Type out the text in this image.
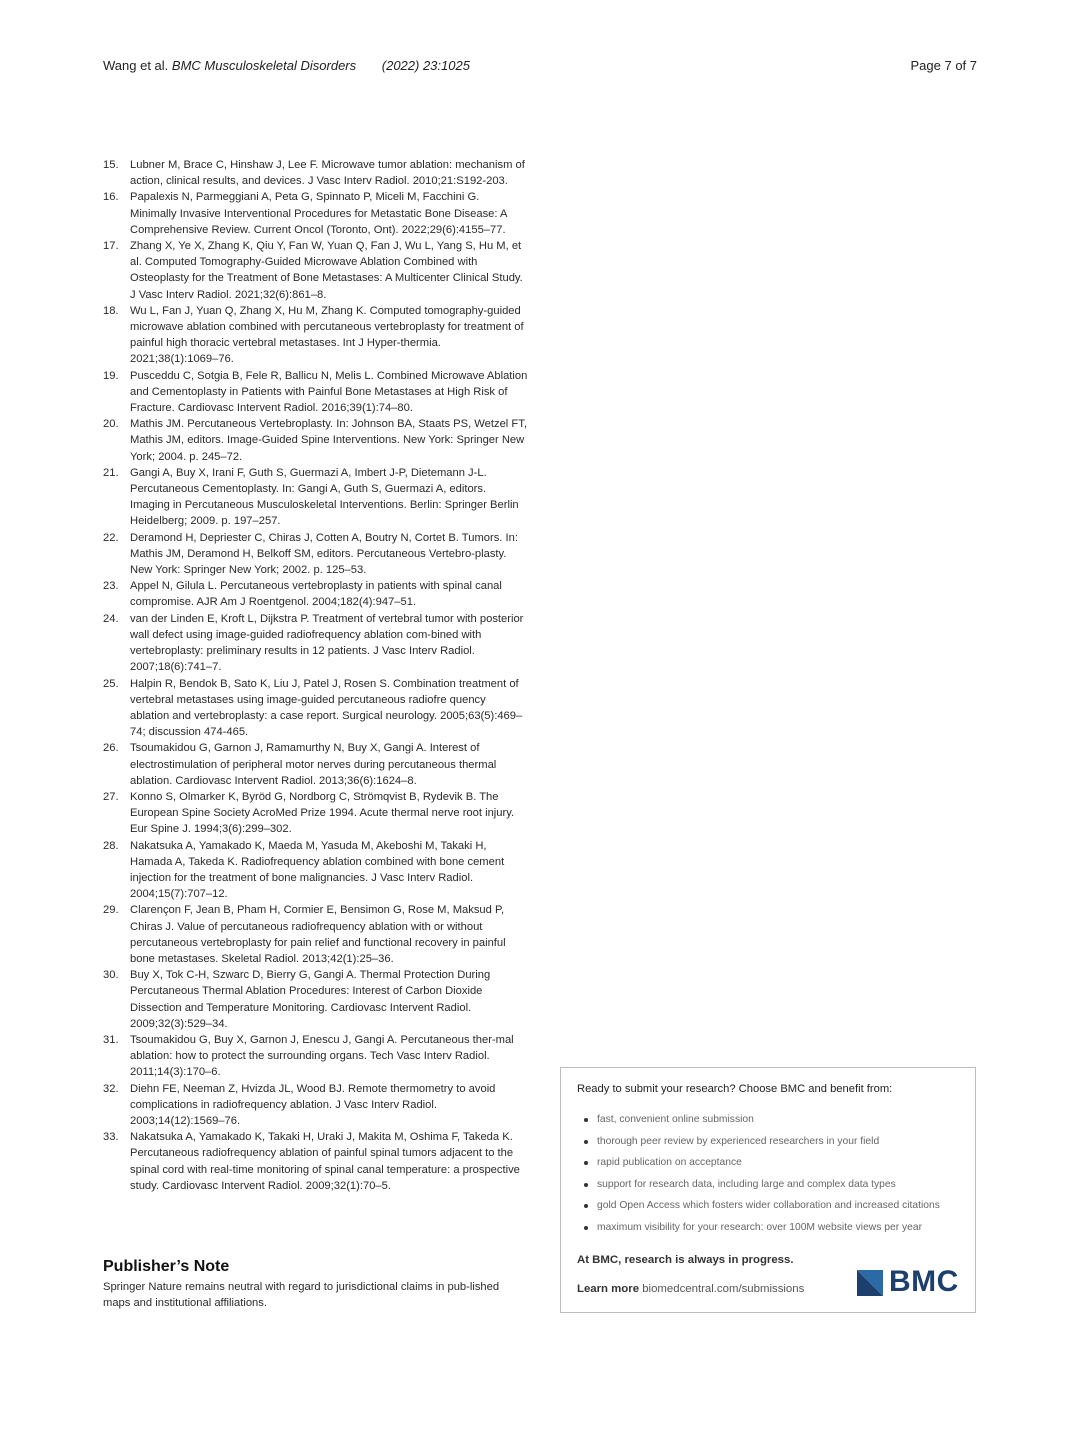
Wang et al. BMC Musculoskeletal Disorders (2022) 23:1025	Page 7 of 7
15. Lubner M, Brace C, Hinshaw J, Lee F. Microwave tumor ablation: mechanism of action, clinical results, and devices. J Vasc Interv Radiol. 2010;21:S192-203.
16. Papalexis N, Parmeggiani A, Peta G, Spinnato P, Miceli M, Facchini G. Minimally Invasive Interventional Procedures for Metastatic Bone Disease: A Comprehensive Review. Current Oncol (Toronto, Ont). 2022;29(6):4155–77.
17. Zhang X, Ye X, Zhang K, Qiu Y, Fan W, Yuan Q, Fan J, Wu L, Yang S, Hu M, et al. Computed Tomography-Guided Microwave Ablation Combined with Osteoplasty for the Treatment of Bone Metastases: A Multicenter Clinical Study. J Vasc Interv Radiol. 2021;32(6):861–8.
18. Wu L, Fan J, Yuan Q, Zhang X, Hu M, Zhang K. Computed tomography-guided microwave ablation combined with percutaneous vertebroplasty for treatment of painful high thoracic vertebral metastases. Int J Hyper-thermia. 2021;38(1):1069–76.
19. Pusceddu C, Sotgia B, Fele R, Ballicu N, Melis L. Combined Microwave Ablation and Cementoplasty in Patients with Painful Bone Metastases at High Risk of Fracture. Cardiovasc Intervent Radiol. 2016;39(1):74–80.
20. Mathis JM. Percutaneous Vertebroplasty. In: Johnson BA, Staats PS, Wetzel FT, Mathis JM, editors. Image-Guided Spine Interventions. New York: Springer New York; 2004. p. 245–72.
21. Gangi A, Buy X, Irani F, Guth S, Guermazi A, Imbert J-P, Dietemann J-L. Percutaneous Cementoplasty. In: Gangi A, Guth S, Guermazi A, editors. Imaging in Percutaneous Musculoskeletal Interventions. Berlin: Springer Berlin Heidelberg; 2009. p. 197–257.
22. Deramond H, Depriester C, Chiras J, Cotten A, Boutry N, Cortet B. Tumors. In: Mathis JM, Deramond H, Belkoff SM, editors. Percutaneous Vertebro-plasty. New York: Springer New York; 2002. p. 125–53.
23. Appel N, Gilula L. Percutaneous vertebroplasty in patients with spinal canal compromise. AJR Am J Roentgenol. 2004;182(4):947–51.
24. van der Linden E, Kroft L, Dijkstra P. Treatment of vertebral tumor with posterior wall defect using image-guided radiofrequency ablation com-bined with vertebroplasty: preliminary results in 12 patients. J Vasc Interv Radiol. 2007;18(6):741–7.
25. Halpin R, Bendok B, Sato K, Liu J, Patel J, Rosen S. Combination treatment of vertebral metastases using image-guided percutaneous radiofre quency ablation and vertebroplasty: a case report. Surgical neurology. 2005;63(5):469–74; discussion 474-465.
26. Tsoumakidou G, Garnon J, Ramamurthy N, Buy X, Gangi A. Interest of electrostimulation of peripheral motor nerves during percutaneous thermal ablation. Cardiovasc Intervent Radiol. 2013;36(6):1624–8.
27. Konno S, Olmarker K, Byröd G, Nordborg C, Strömqvist B, Rydevik B. The European Spine Society AcroMed Prize 1994. Acute thermal nerve root injury. Eur Spine J. 1994;3(6):299–302.
28. Nakatsuka A, Yamakado K, Maeda M, Yasuda M, Akeboshi M, Takaki H, Hamada A, Takeda K. Radiofrequency ablation combined with bone cement injection for the treatment of bone malignancies. J Vasc Interv Radiol. 2004;15(7):707–12.
29. Clarençon F, Jean B, Pham H, Cormier E, Bensimon G, Rose M, Maksud P, Chiras J. Value of percutaneous radiofrequency ablation with or without percutaneous vertebroplasty for pain relief and functional recovery in painful bone metastases. Skeletal Radiol. 2013;42(1):25–36.
30. Buy X, Tok C-H, Szwarc D, Bierry G, Gangi A. Thermal Protection During Percutaneous Thermal Ablation Procedures: Interest of Carbon Dioxide Dissection and Temperature Monitoring. Cardiovasc Intervent Radiol. 2009;32(3):529–34.
31. Tsoumakidou G, Buy X, Garnon J, Enescu J, Gangi A. Percutaneous ther-mal ablation: how to protect the surrounding organs. Tech Vasc Interv Radiol. 2011;14(3):170–6.
32. Diehn FE, Neeman Z, Hvizda JL, Wood BJ. Remote thermometry to avoid complications in radiofrequency ablation. J Vasc Interv Radiol. 2003;14(12):1569–76.
33. Nakatsuka A, Yamakado K, Takaki H, Uraki J, Makita M, Oshima F, Takeda K. Percutaneous radiofrequency ablation of painful spinal tumors adjacent to the spinal cord with real-time monitoring of spinal canal temperature: a prospective study. Cardiovasc Intervent Radiol. 2009;32(1):70–5.
Publisher’s Note

Springer Nature remains neutral with regard to jurisdictional claims in pub-lished maps and institutional affiliations.

Ready to submit your research? Choose BMC and benefit from:
fast, convenient online submission
thorough peer review by experienced researchers in your field
rapid publication on acceptance
support for research data, including large and complex data types
gold Open Access which fosters wider collaboration and increased citations
maximum visibility for your research: over 100M website views per year
At BMC, research is always in progress.
Learn more biomedcentral.com/submissions	BMC
